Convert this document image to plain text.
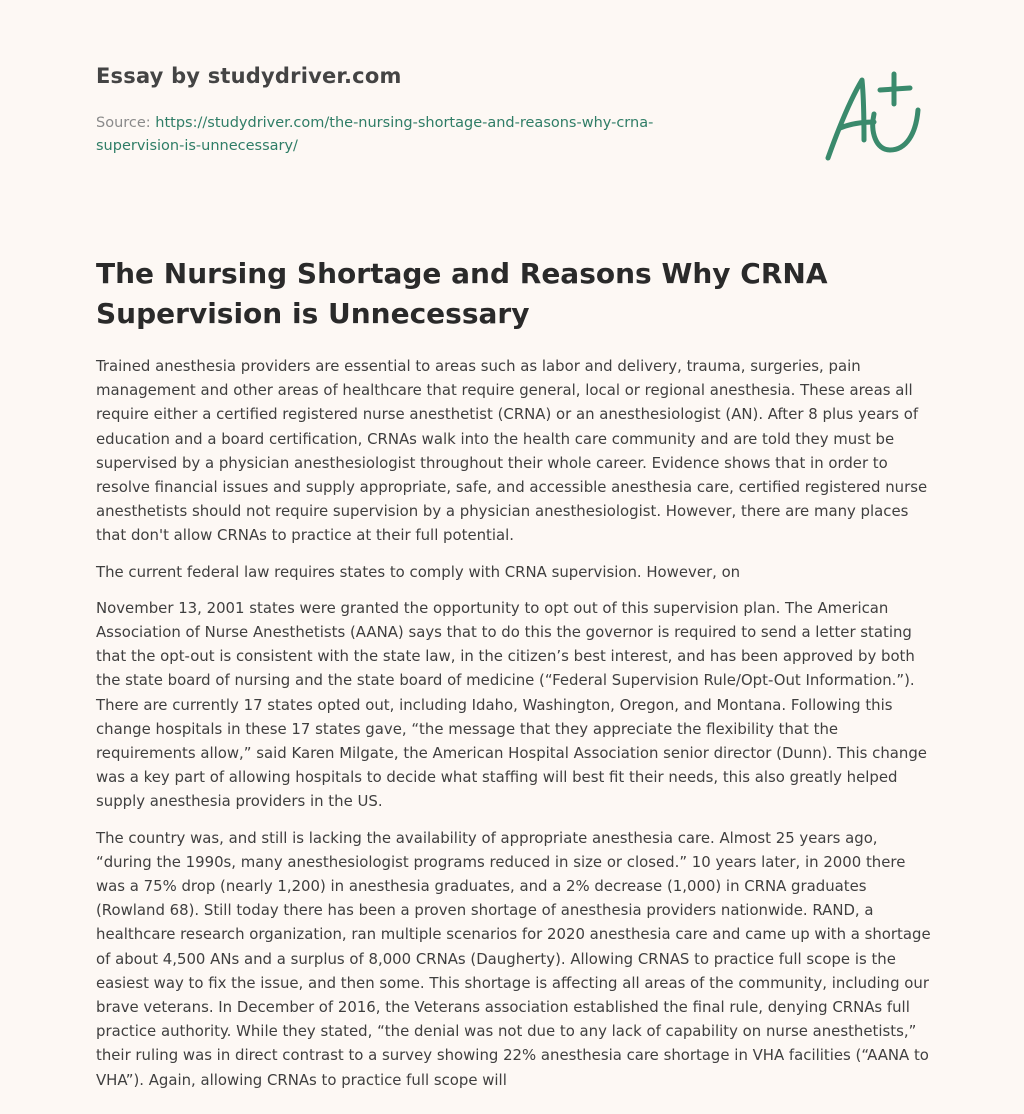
Essay by studydriver.com
Source: https://studydriver.com/the-nursing-shortage-and-reasons-why-crna-
supervision-is-unnecessary/
The Nursing Shortage and Reasons Why CRNA Supervision is Unnecessary

Trained anesthesia providers are essential to areas such as labor and delivery, trauma, surgeries, pain management and other areas of healthcare that require general, local or regional anesthesia. These areas all require either a certified registered nurse anesthetist (CRNA) or an anesthesiologist (AN). After 8 plus years of education and a board certification, CRNAs walk into the health care community and are told they must be supervised by a physician anesthesiologist throughout their whole career. Evidence shows that in order to resolve financial issues and supply appropriate, safe, and accessible anesthesia care, certified registered nurse anesthetists should not require supervision by a physician anesthesiologist. However, there are many places that don't allow CRNAs to practice at their full potential.

The current federal law requires states to comply with CRNA supervision. However, on

November 13, 2001 states were granted the opportunity to opt out of this supervision plan. The American Association of Nurse Anesthetists (AANA) says that to do this the governor is required to send a letter stating that the opt-out is consistent with the state law, in the citizen’s best interest, and has been approved by both the state board of nursing and the state board of medicine (“Federal Supervision Rule/Opt-Out Information.”). There are currently 17 states opted out, including Idaho, Washington, Oregon, and Montana. Following this change hospitals in these 17 states gave, “the message that they appreciate the flexibility that the requirements allow,” said Karen Milgate, the American Hospital Association senior director (Dunn). This change was a key part of allowing hospitals to decide what staffing will best fit their needs, this also greatly helped supply anesthesia providers in the US.

The country was, and still is lacking the availability of appropriate anesthesia care. Almost 25 years ago, “during the 1990s, many anesthesiologist programs reduced in size or closed.” 10 years later, in 2000 there was a 75% drop (nearly 1,200) in anesthesia graduates, and a 2% decrease (1,000) in CRNA graduates (Rowland 68). Still today there has been a proven shortage of anesthesia providers nationwide. RAND, a healthcare research organization, ran multiple scenarios for 2020 anesthesia care and came up with a shortage of about 4,500 ANs and a surplus of 8,000 CRNAs (Daugherty). Allowing CRNAS to practice full scope is the easiest way to fix the issue, and then some. This shortage is affecting all areas of the community, including our brave veterans. In December of 2016, the Veterans association established the final rule, denying CRNAs full practice authority. While they stated, “the denial was not due to any lack of capability on nurse anesthetists,” their ruling was in direct contrast to a survey showing 22% anesthesia care shortage in VHA facilities (“AANA to VHA”). Again, allowing CRNAs to practice full scope will
